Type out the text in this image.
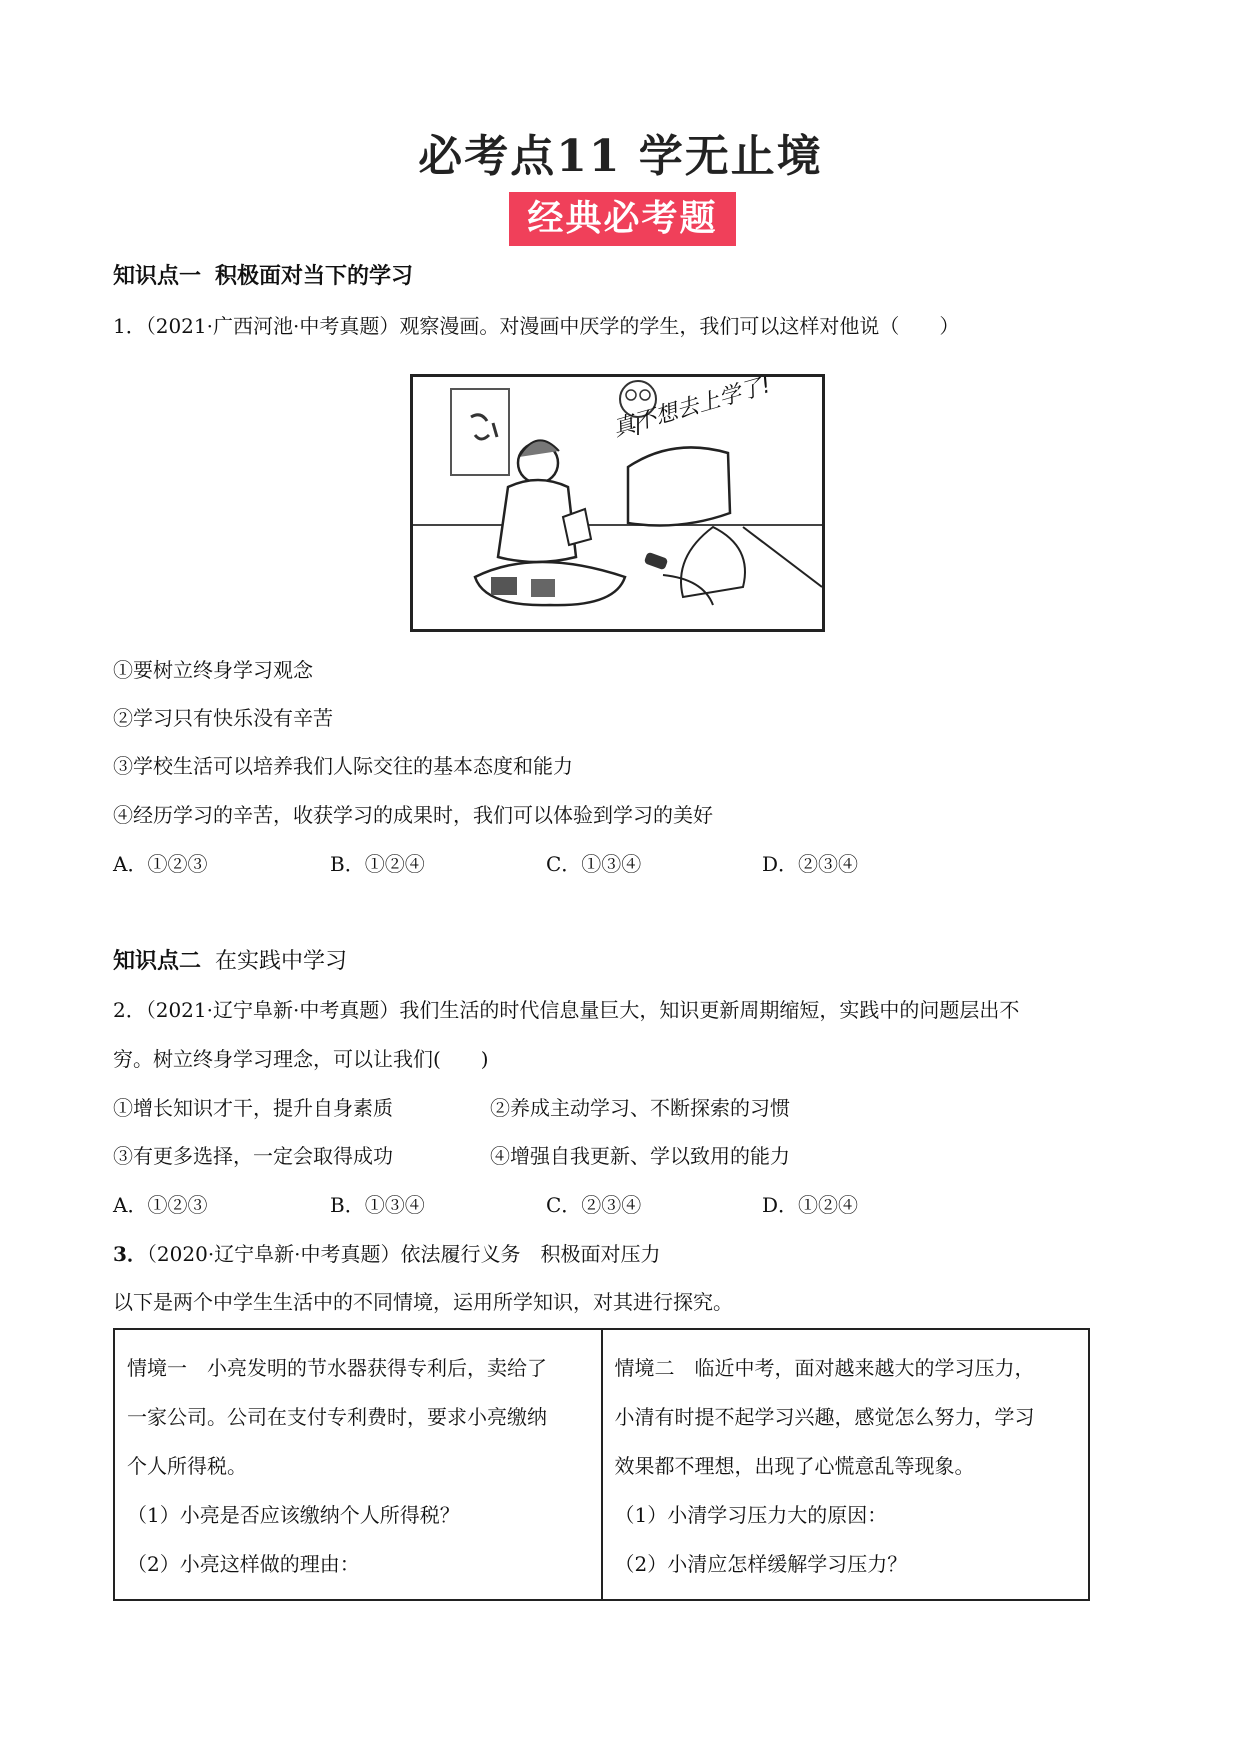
必考点11 学无止境
经典必考题
知识点一 积极面对当下的学习
1．（2021·广西河池·中考真题）观察漫画。对漫画中厌学的学生，我们可以这样对他说（　　）
真不想去上学了!
①要树立终身学习观念
②学习只有快乐没有辛苦
③学校生活可以培养我们人际交往的基本态度和能力
④经历学习的辛苦，收获学习的成果时，我们可以体验到学习的美好
A．①②③	B．①②④	C．①③④	D．②③④
知识点二 在实践中学习
2．（2021·辽宁阜新·中考真题）我们生活的时代信息量巨大，知识更新周期缩短，实践中的问题层出不
穷。树立终身学习理念，可以让我们(　　)
①增长知识才干，提升自身素质	②养成主动学习、不断探索的习惯
③有更多选择，一定会取得成功	④增强自我更新、学以致用的能力
A．①②③	B．①③④	C．②③④	D．①②④
3．（2020·辽宁阜新·中考真题）依法履行义务　积极面对压力
以下是两个中学生生活中的不同情境，运用所学知识，对其进行探究。
情境一　小亮发明的节水器获得专利后，卖给了
一家公司。公司在支付专利费时，要求小亮缴纳
个人所得税。
（1）小亮是否应该缴纳个人所得税？
（2）小亮这样做的理由：

情境二　临近中考，面对越来越大的学习压力，
小清有时提不起学习兴趣，感觉怎么努力，学习
效果都不理想，出现了心慌意乱等现象。
（1）小清学习压力大的原因：
（2）小清应怎样缓解学习压力？
